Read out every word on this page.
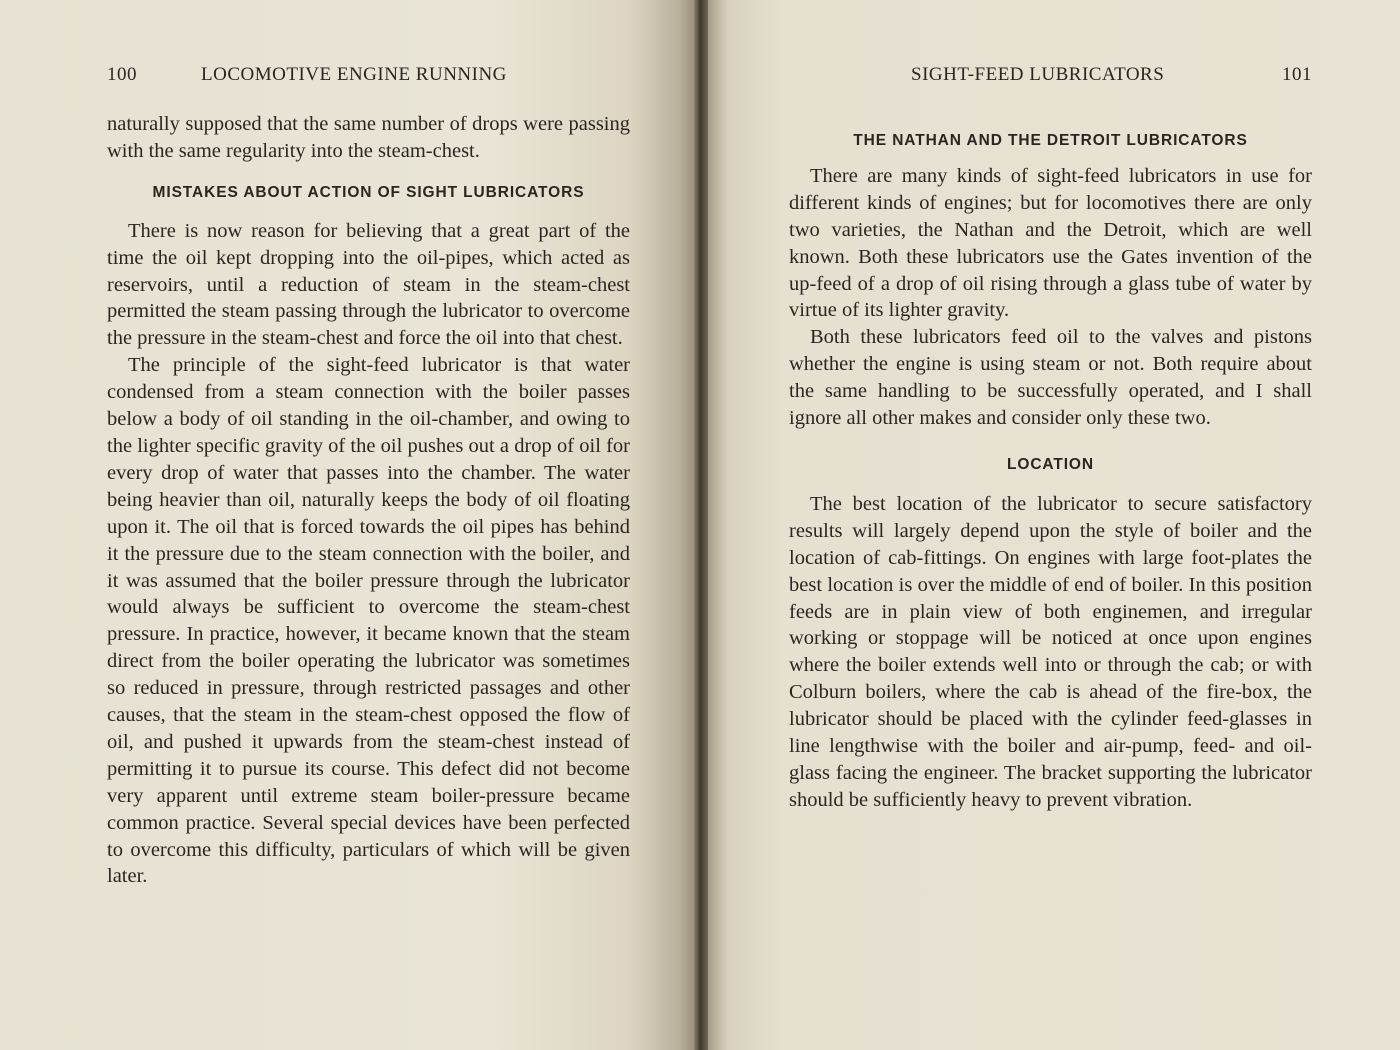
100	LOCOMOTIVE ENGINE RUNNING

naturally supposed that the same number of drops were passing with the same regularity into the steam-chest.

MISTAKES ABOUT ACTION OF SIGHT LUBRICATORS

There is now reason for believing that a great part of the time the oil kept dropping into the oil-pipes, which acted as reservoirs, until a reduction of steam in the steam-chest permitted the steam passing through the lubricator to overcome the pressure in the steam-chest and force the oil into that chest.

The principle of the sight-feed lubricator is that water condensed from a steam connection with the boiler passes below a body of oil standing in the oil-chamber, and owing to the lighter specific gravity of the oil pushes out a drop of oil for every drop of water that passes into the chamber. The water being heavier than oil, naturally keeps the body of oil floating upon it. The oil that is forced towards the oil pipes has behind it the pressure due to the steam connection with the boiler, and it was assumed that the boiler pressure through the lubricator would always be sufficient to overcome the steam-chest pressure. In practice, however, it became known that the steam direct from the boiler operating the lubricator was sometimes so reduced in pressure, through restricted passages and other causes, that the steam in the steam-chest opposed the flow of oil, and pushed it upwards from the steam-chest instead of permitting it to pursue its course. This defect did not become very apparent until extreme steam boiler-pressure became common practice. Several special devices have been perfected to overcome this difficulty, particulars of which will be given later.

SIGHT-FEED LUBRICATORS	101
THE NATHAN AND THE DETROIT LUBRICATORS

There are many kinds of sight-feed lubricators in use for different kinds of engines; but for locomotives there are only two varieties, the Nathan and the Detroit, which are well known. Both these lubricators use the Gates invention of the up-feed of a drop of oil rising through a glass tube of water by virtue of its lighter gravity.

Both these lubricators feed oil to the valves and pistons whether the engine is using steam or not. Both require about the same handling to be successfully operated, and I shall ignore all other makes and consider only these two.

LOCATION

The best location of the lubricator to secure satisfactory results will largely depend upon the style of boiler and the location of cab-fittings. On engines with large foot-plates the best location is over the middle of end of boiler. In this position feeds are in plain view of both enginemen, and irregular working or stoppage will be noticed at once upon engines where the boiler extends well into or through the cab; or with Colburn boilers, where the cab is ahead of the fire-box, the lubricator should be placed with the cylinder feed-glasses in line lengthwise with the boiler and air-pump, feed- and oil-glass facing the engineer. The bracket supporting the lubricator should be sufficiently heavy to prevent vibration.
